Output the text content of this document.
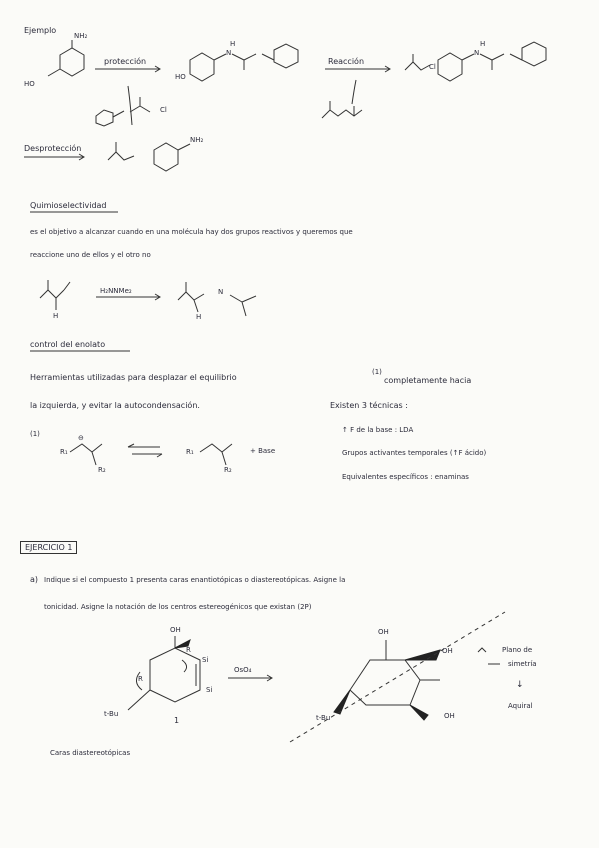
Ejemplo
NH₂
HO
protección
Cl
HO
H
N
Reacción
Cl
H
N
Desprotección
NH₂
Quimioselectividad
es el objetivo a alcanzar cuando en una molécula hay dos grupos reactivos y queremos que
reaccione uno de ellos y el otro no
H₂NNMe₂
H	H
N
control del enolato
Herramientas utilizadas para desplazar el equilibrio
(1)
completamente hacia
la izquierda, y evitar la autocondensación.	Existen 3 técnicas :
↑ F de la base : LDA
Grupos activantes temporales (↑F ácido)
Equivalentes específicos : enaminas
(1)
R₁
R₂
⊖
R₁
R₂
+ Base
EJERCICIO 1
a) Indique si el compuesto 1 presenta caras enantiotópicas o diastereotópicas. Asigne la
tonicidad. Asigne la notación de los centros estereogénicos que existan (2P)
OH
R
R
Si
Si
t-Bu
1
Caras diastereotópicas
OsO₄
OH
OH
OH
t-Bu
Plano de
simetría
↓
Aquiral
